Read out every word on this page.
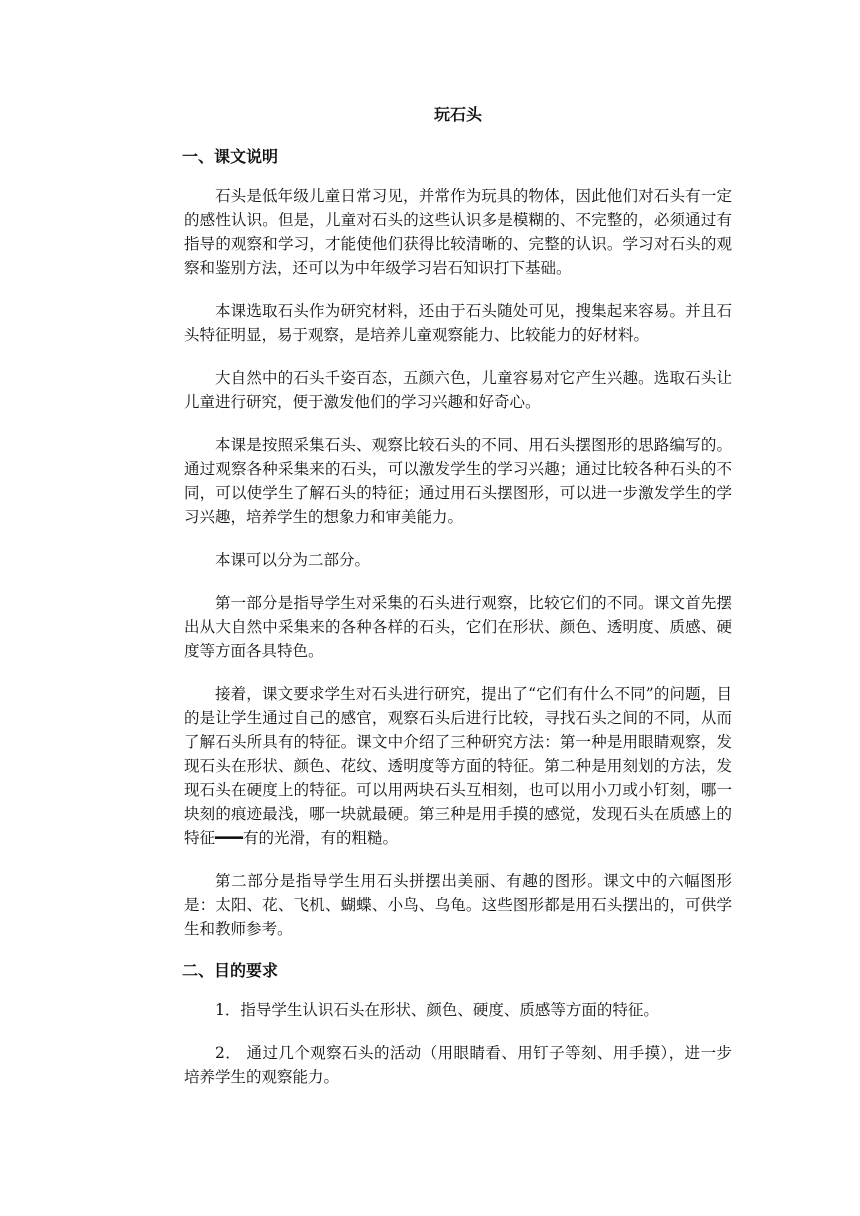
玩石头
一、课文说明

石头是低年级儿童日常习见，并常作为玩具的物体，因此他们对石头有一定的感性认识。但是，儿童对石头的这些认识多是模糊的、不完整的，必须通过有指导的观察和学习，才能使他们获得比较清晰的、完整的认识。学习对石头的观察和鉴别方法，还可以为中年级学习岩石知识打下基础。

本课选取石头作为研究材料，还由于石头随处可见，搜集起来容易。并且石头特征明显，易于观察，是培养儿童观察能力、比较能力的好材料。

大自然中的石头千姿百态，五颜六色，儿童容易对它产生兴趣。选取石头让儿童进行研究，便于激发他们的学习兴趣和好奇心。

本课是按照采集石头、观察比较石头的不同、用石头摆图形的思路编写的。通过观察各种采集来的石头，可以激发学生的学习兴趣；通过比较各种石头的不同，可以使学生了解石头的特征；通过用石头摆图形，可以进一步激发学生的学习兴趣，培养学生的想象力和审美能力。

本课可以分为二部分。

第一部分是指导学生对采集的石头进行观察，比较它们的不同。课文首先摆出从大自然中采集来的各种各样的石头，它们在形状、颜色、透明度、质感、硬度等方面各具特色。

接着，课文要求学生对石头进行研究，提出了“它们有什么不同”的问题，目的是让学生通过自己的感官，观察石头后进行比较，寻找石头之间的不同，从而了解石头所具有的特征。课文中介绍了三种研究方法：第一种是用眼睛观察，发现石头在形状、颜色、花纹、透明度等方面的特征。第二种是用刻划的方法，发现石头在硬度上的特征。可以用两块石头互相刻，也可以用小刀或小钉刻，哪一块刻的痕迹最浅，哪一块就最硬。第三种是用手摸的感觉，发现石头在质感上的特征━━━有的光滑，有的粗糙。

第二部分是指导学生用石头拼摆出美丽、有趣的图形。课文中的六幅图形是：太阳、花、飞机、蝴蝶、小鸟、乌龟。这些图形都是用石头摆出的，可供学生和教师参考。

二、目的要求

1．指导学生认识石头在形状、颜色、硬度、质感等方面的特征。

2． 通过几个观察石头的活动（用眼睛看、用钉子等刻、用手摸），进一步培养学生的观察能力。
